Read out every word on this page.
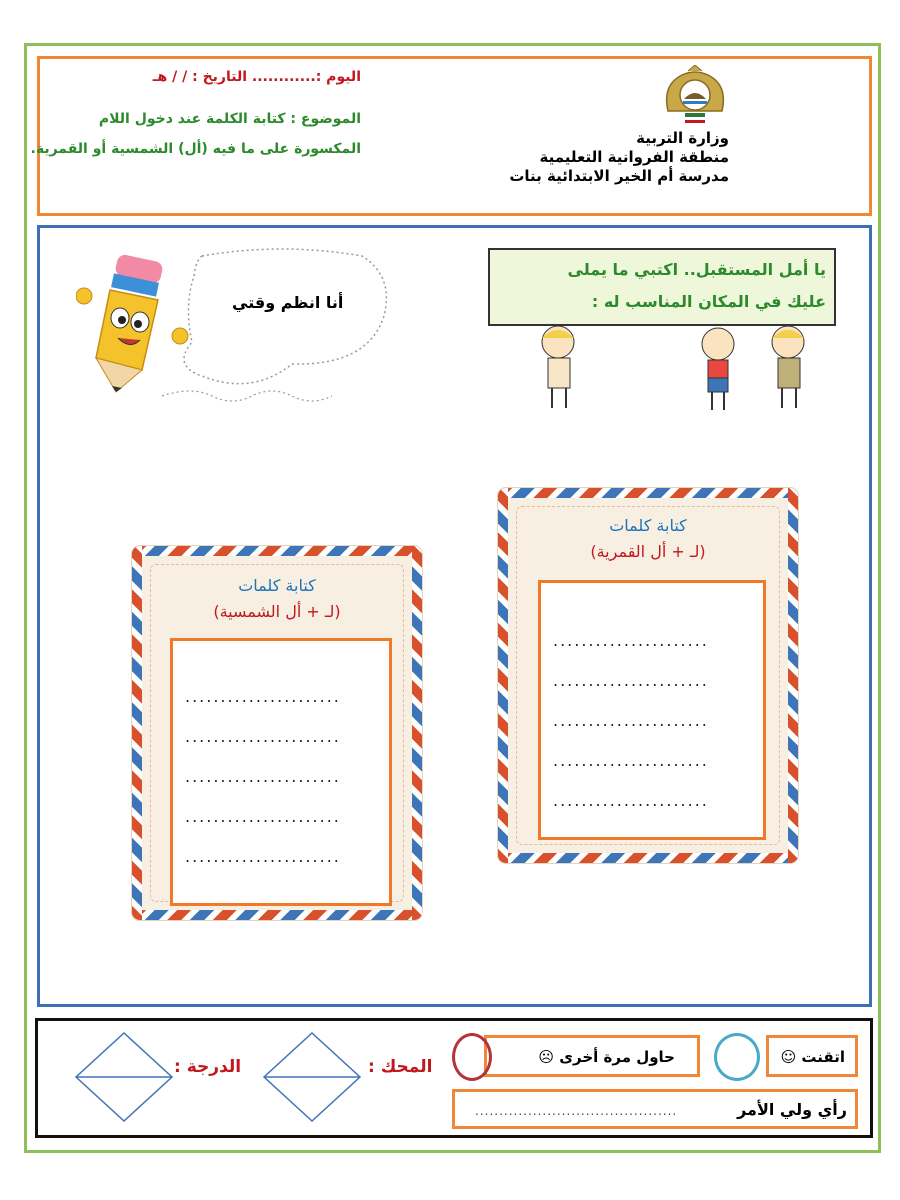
اليوم :............ التاريخ : / / هـ
الموضوع : كتابة الكلمة عند دخول اللام
المكسورة على ما فيه (أل) الشمسية أو القمرية.
وزارة التربية
منطقة الفروانية التعليمية
مدرسة أم الخير الابتدائية بنات
أنا انظم وقتي
يا أمل المستقبل.. اكتبي ما يملى
عليك في المكان المناسب له :
كتابة كلمات
(لـ + أل القمرية)
......................
......................
......................
......................
......................
كتابة كلمات
(لـ + أل الشمسية)
......................
......................
......................
......................
......................
اتقنت ☺
حاول مرة أخرى ☹
رأي ولي الأمر
..........................................
المحك :
الدرجة :
